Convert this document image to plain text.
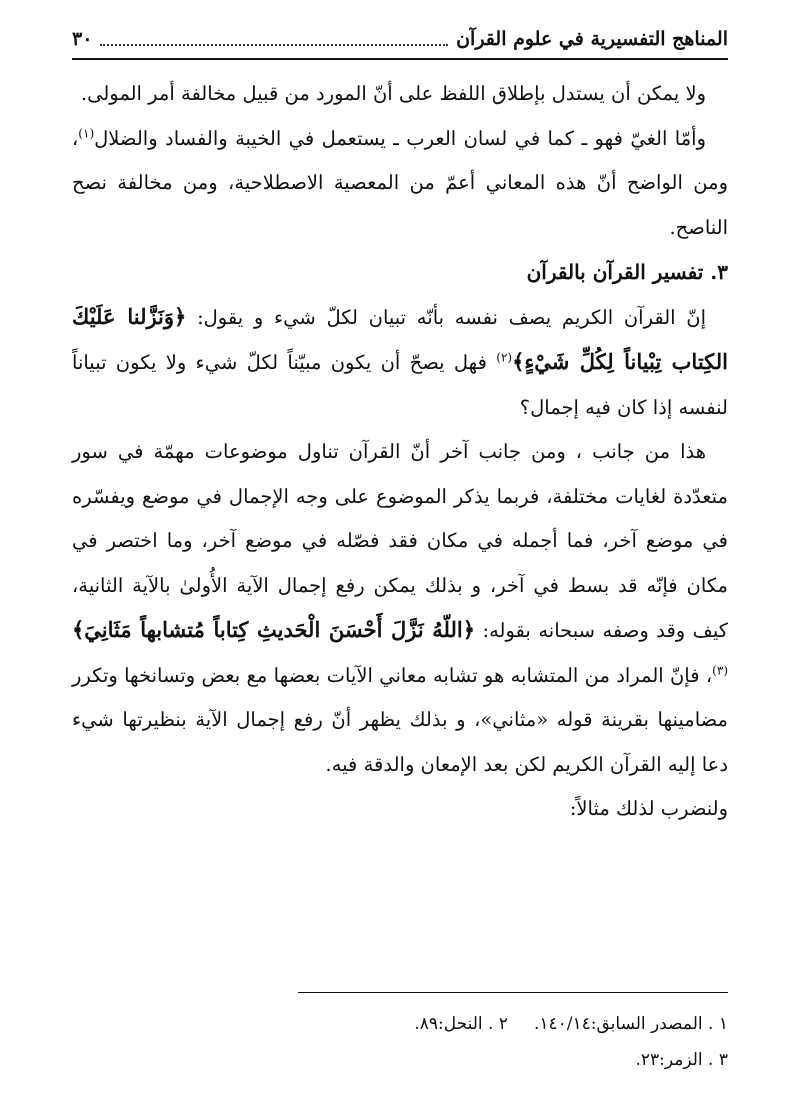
المناهج التفسيرية في علوم القرآن
٣٠

ولا يمكن أن يستدل بإطلاق اللفظ على أنّ المورد من قبيل مخالفة أمر المولى.

وأمّا الغيّ فهو ـ كما في لسان العرب ـ يستعمل في الخيبة والفساد والضلال$^{(١)}$، ومن الواضح أنّ هذه المعاني أعمّ من المعصية الاصطلاحية، ومن مخالفة نصح الناصح.

٣. تفسير القرآن بالقرآن

إنّ القرآن الكريم يصف نفسه بأنّه تبيان لكلّ شيء و يقول: ﴿وَنَزَّلنا عَلَيْكَ الكِتاب تِبْياناً لِكُلِّ شَيْءٍ﴾$^{(٢)}$ فهل يصحّ أن يكون مبيّناً لكلّ شيء ولا يكون تبياناً لنفسه إذا كان فيه إجمال؟

هذا من جانب ، ومن جانب آخر أنّ القرآن تناول موضوعات مهمّة في سور متعدّدة لغايات مختلفة، فربما يذكر الموضوع على وجه الإجمال في موضع ويفسّره في موضع آخر، فما أجمله في مكان فقد فصّله في موضع آخر، وما اختصر في مكان فإنّه قد بسط في آخر، و بذلك يمكن رفع إجمال الآية الأُولىٰ بالآية الثانية، كيف وقد وصفه سبحانه بقوله: ﴿اللّهُ نَزَّلَ أَحْسَنَ الْحَديثِ كِتاباً مُتشابهاً مَثَانِيَ﴾$^{(٣)}$، فإنّ المراد من المتشابه هو تشابه معاني الآيات بعضها مع بعض وتسانخها وتكرر مضامينها بقرينة قوله «مثاني»، و بذلك يظهر أنّ رفع إجمال الآية بنظيرتها شيء دعا إليه القرآن الكريم لكن بعد الإمعان والدقة فيه.

ولنضرب لذلك مثالاً:

١ . المصدر السابق:١٤٠/١٤.
٢ . النحل:٨٩.
٣ . الزمر:٢٣.
